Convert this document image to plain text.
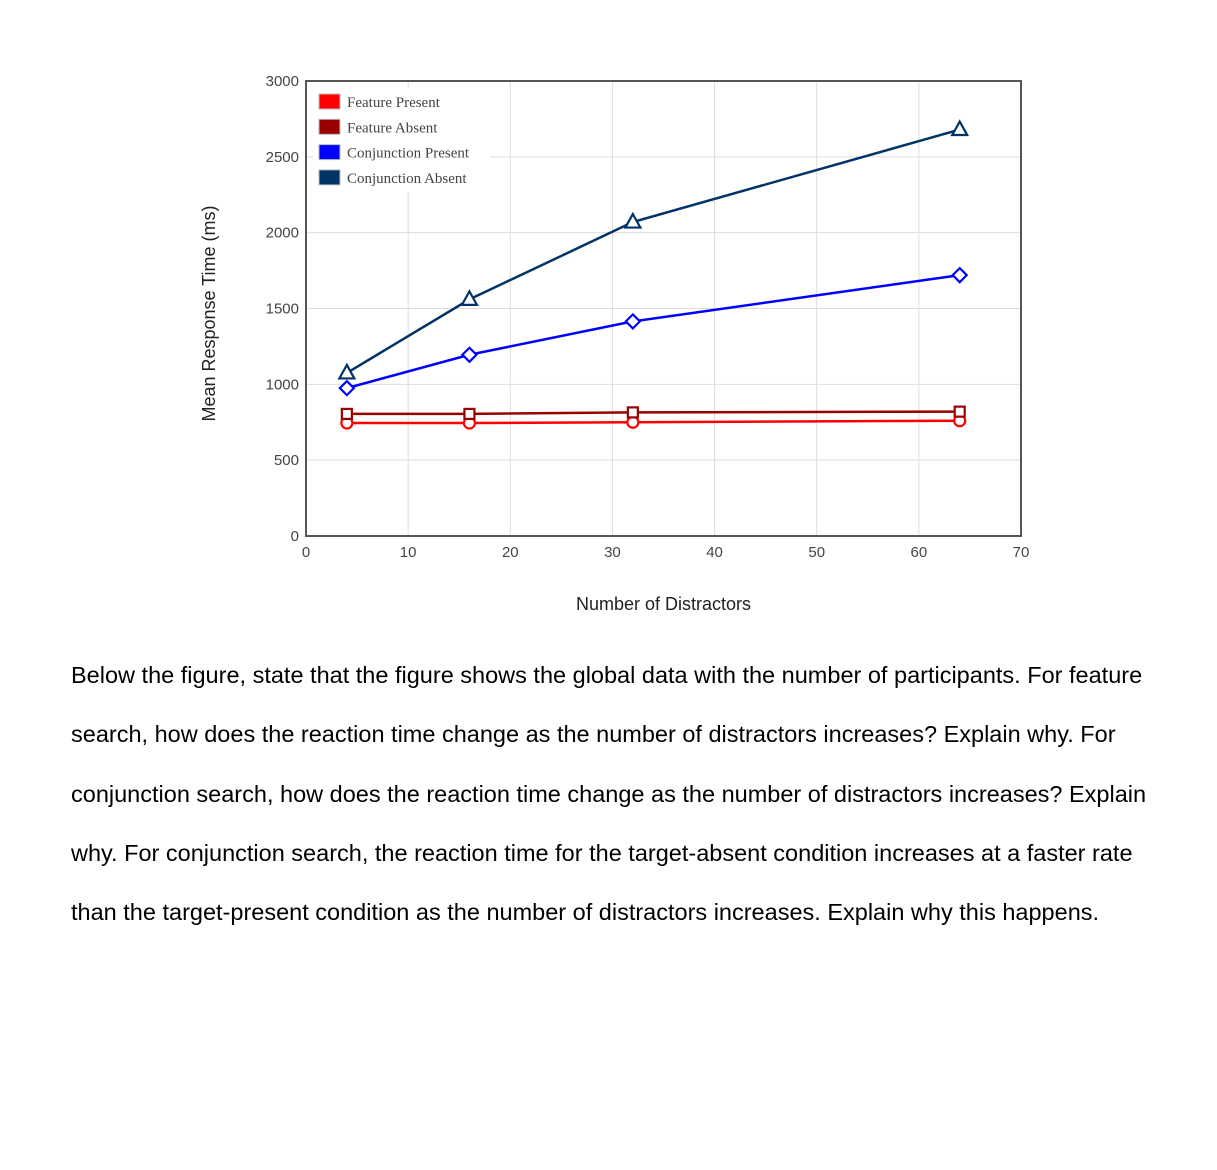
Feature Present
Feature Absent
Conjunction Present
Conjunction Absent
0	10	20	30	40	50	60	70
0
500
1000
1500
2000
2500
3000
Number of Distractors
Mean Response Time (ms)

Below the figure, state that the figure shows the global data with the number of participants. For feature search, how does the reaction time change as the number of distractors increases? Explain why. For conjunction search, how does the reaction time change as the number of distractors increases? Explain why. For conjunction search, the reaction time for the target-absent condition increases at a faster rate than the target-present condition as the number of distractors increases. Explain why this happens.
